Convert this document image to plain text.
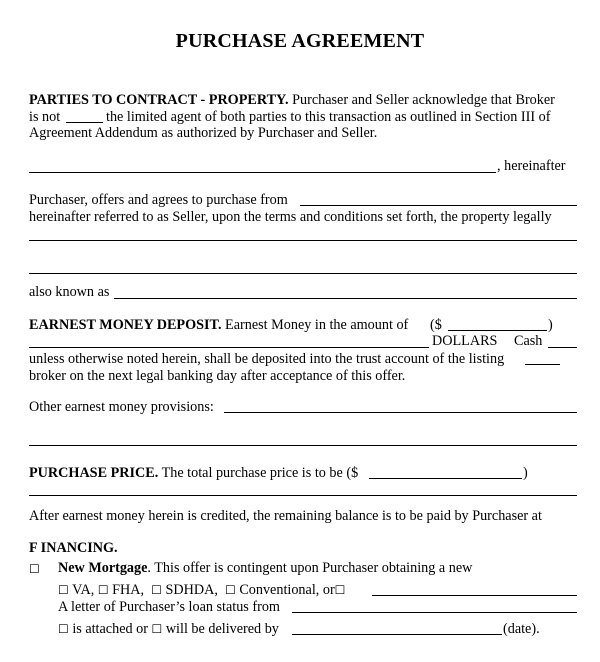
PURCHASE AGREEMENT
PARTIES TO CONTRACT - PROPERTY. Purchaser and Seller acknowledge that Broker
is not	the limited agent of both parties to this transaction as outlined in Section III of
Agreement Addendum as authorized by Purchaser and Seller.
, hereinafter
Purchaser, offers and agrees to purchase from
hereinafter referred to as Seller, upon the terms and conditions set forth, the property legally
also known as
EARNEST MONEY DEPOSIT. Earnest Money in the amount of ($	)
DOLLARS Cash
unless otherwise noted herein, shall be deposited into the trust account of the listing
broker on the next legal banking day after acceptance of this offer.
Other earnest money provisions:
PURCHASE PRICE. The total purchase price is to be ($	)
After earnest money herein is credited, the remaining balance is to be paid by Purchaser at
F INANCING.
☐ New Mortgage. This offer is contingent upon Purchaser obtaining a new
☐ VA, ☐ FHA, ☐ SDHDA, ☐ Conventional, or☐
A letter of Purchaser’s loan status from
☐ is attached or ☐ will be delivered by	(date).
